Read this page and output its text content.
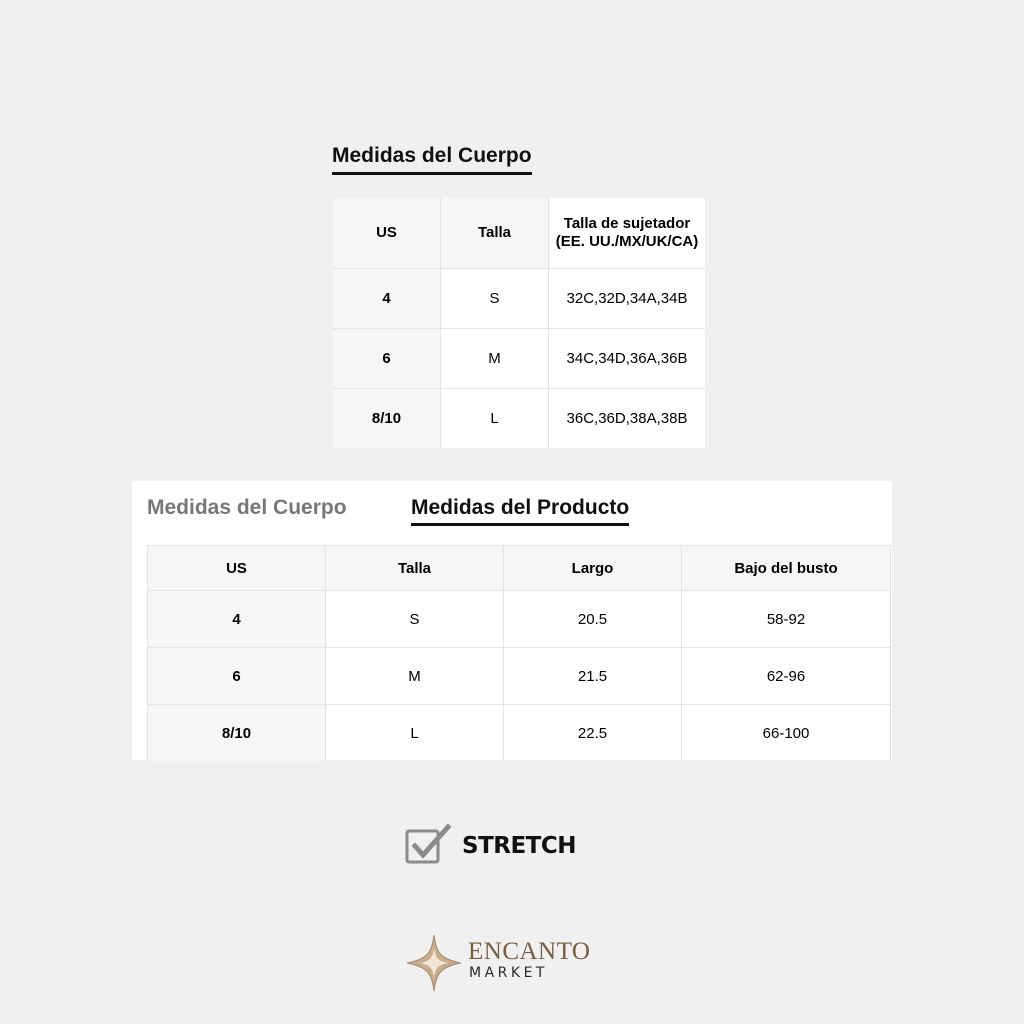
Medidas del Cuerpo
US	Talla	Talla de sujetador (EE. UU./MX/UK/CA)
4	S	32C,32D,34A,34B
6	M	34C,34D,36A,36B
8/10	L	36C,36D,38A,38B
Medidas del Cuerpo	Medidas del Producto
US	Talla	Largo	Bajo del busto
4	S	20.5	58-92
6	M	21.5	62-96
8/10	L	22.5	66-100
STRETCH
ENCANTO
MARKET
